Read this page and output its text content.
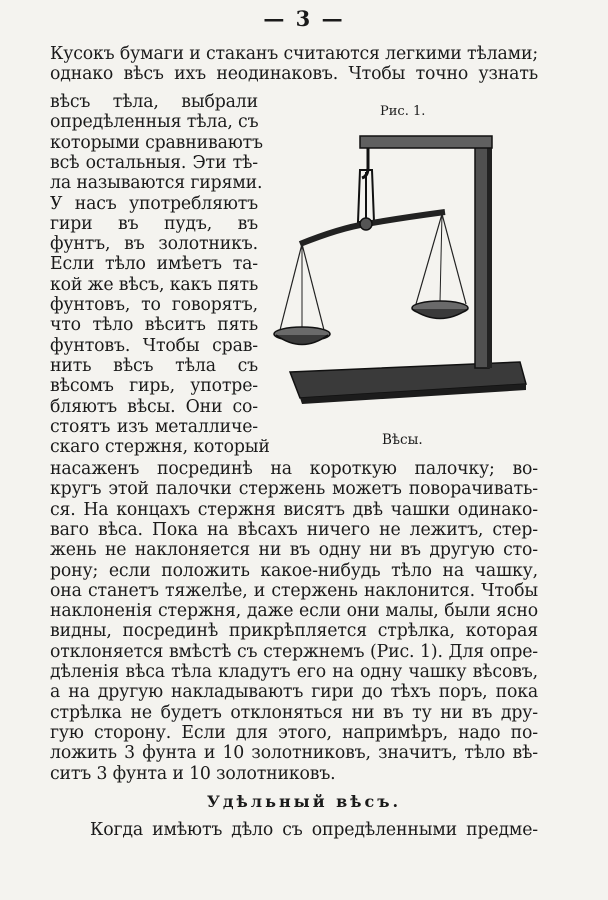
— 3 —
Кусокъ бумаги и стаканъ считаются легкими тѣлами;
однако вѣсъ ихъ неодинаковъ. Чтобы точно узнать
вѣсъ тѣла, выбрали
опредѣленныя тѣла, съ
которыми сравниваютъ
всѣ остальныя. Эти тѣ-
ла называются гирями.
У насъ употребляютъ
гири въ пудъ, въ
фунтъ, въ золотникъ.
Если тѣло имѣетъ та-
кой же вѣсъ, какъ пять
фунтовъ, то говорятъ,
что тѣло вѣситъ пять
фунтовъ. Чтобы срав-
нить вѣсъ тѣла съ
вѣсомъ гирь, употре-
бляютъ вѣсы. Они со-
стоятъ изъ металличе-
скаго стержня, который
насаженъ посрединѣ на короткую палочку; во-
кругъ этой палочки стержень можетъ поворачивать-
ся. На концахъ стержня висятъ двѣ чашки одинако-
ваго вѣса. Пока на вѣсахъ ничего не лежитъ, стер-
жень не наклоняется ни въ одну ни въ другую сто-
рону; если положить какое-нибудь тѣло на чашку,
она станетъ тяжелѣе, и стержень наклонится. Чтобы
наклоненія стержня, даже если они малы, были ясно
видны, посрединѣ прикрѣпляется стрѣлка, которая
отклоняется вмѣстѣ съ стержнемъ (Рис. 1). Для опре-
дѣленія вѣса тѣла кладутъ его на одну чашку вѣсовъ,
а на другую накладываютъ гири до тѣхъ поръ, пока
стрѣлка не будетъ отклоняться ни въ ту ни въ дру-
гую сторону. Если для этого, напримѣръ, надо по-
ложить 3 фунта и 10 золотниковъ, значитъ, тѣло вѣ-
ситъ 3 фунта и 10 золотниковъ.
Рис. 1.
Вѣсы.
Удѣльный вѣсъ.
Когда имѣютъ дѣло съ опредѣленными предме-
